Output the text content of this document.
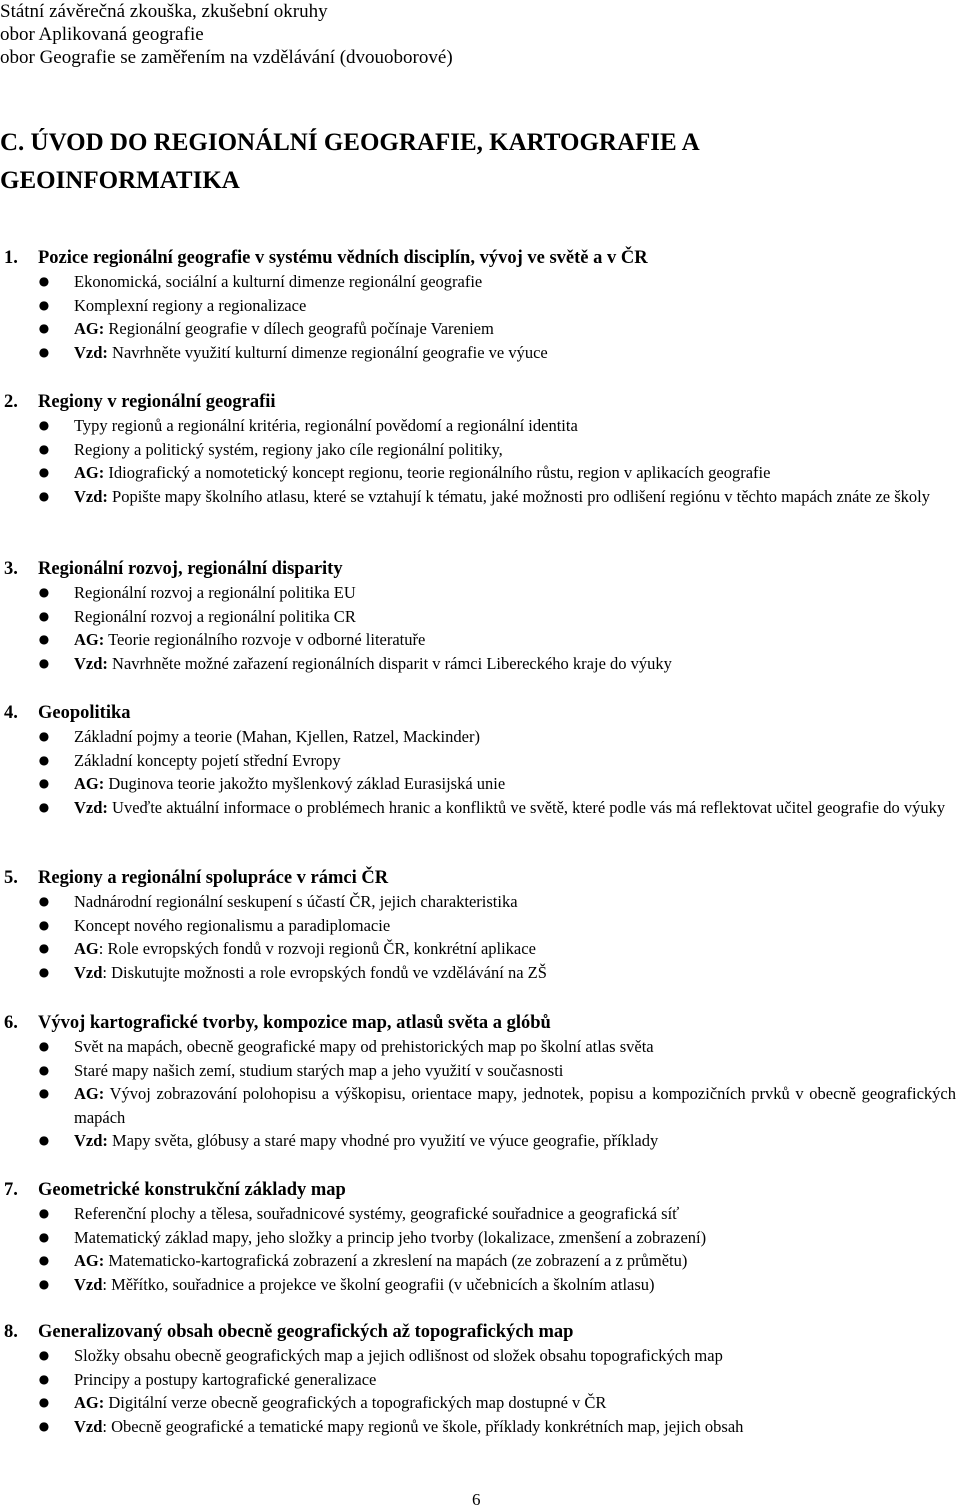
Státní závěrečná zkouška, zkušební okruhy
obor Aplikovaná geografie
obor Geografie se zaměřením na vzdělávání (dvouoborové)
C. ÚVOD DO REGIONÁLNÍ GEOGRAFIE, KARTOGRAFIE A GEOINFORMATIKA
1.	Pozice regionální geografie v systému vědních disciplín, vývoj ve světě a v ČR
● Ekonomická, sociální a kulturní dimenze regionální geografie
● Komplexní regiony a regionalizace
● AG: Regionální geografie v dílech geografů počínaje Vareniem
● Vzd: Navrhněte využití kulturní dimenze regionální geografie ve výuce
2.	Regiony v regionální geografii
● Typy regionů a regionální kritéria, regionální povědomí a regionální identita
● Regiony a politický systém, regiony jako cíle regionální politiky,
● AG: Idiografický a nomotetický koncept regionu, teorie regionálního růstu, region v aplikacích geografie
● Vzd: Popište mapy školního atlasu, které se vztahují k tématu, jaké možnosti pro odlišení regiónu v těchto mapách znáte ze školy
3.	Regionální rozvoj, regionální disparity
● Regionální rozvoj a regionální politika EU
● Regionální rozvoj a regionální politika CR
● AG: Teorie regionálního rozvoje v odborné literatuře
● Vzd: Navrhněte možné zařazení regionálních disparit v rámci Libereckého kraje do výuky
4.	Geopolitika
● Základní pojmy a teorie (Mahan, Kjellen, Ratzel, Mackinder)
● Základní koncepty pojetí střední Evropy
● AG: Duginova teorie jakožto myšlenkový základ Eurasijská unie
● Vzd: Uveďte aktuální informace o problémech hranic a konfliktů ve světě, které podle vás má reflektovat učitel geografie do výuky
5.	Regiony a regionální spolupráce v rámci ČR
● Nadnárodní regionální seskupení s účastí ČR, jejich charakteristika
● Koncept nového regionalismu a paradiplomacie
● AG: Role evropských fondů v rozvoji regionů ČR, konkrétní aplikace
● Vzd: Diskutujte možnosti a role evropských fondů ve vzdělávání na ZŠ
6.	Vývoj kartografické tvorby, kompozice map, atlasů světa a glóbů
● Svět na mapách, obecně geografické mapy od prehistorických map po školní atlas světa
● Staré mapy našich zemí, studium starých map a jeho využití v současnosti
● AG: Vývoj zobrazování polohopisu a výškopisu, orientace mapy, jednotek, popisu a kompozičních prvků v obecně geografických mapách
● Vzd: Mapy světa, glóbusy a staré mapy vhodné pro využití ve výuce geografie, příklady
7.	Geometrické konstrukční základy map
● Referenční plochy a tělesa, souřadnicové systémy, geografické souřadnice a geografická síť
● Matematický základ mapy, jeho složky a princip jeho tvorby (lokalizace, zmenšení a zobrazení)
● AG: Matematicko-kartografická zobrazení a zkreslení na mapách (ze zobrazení a z průmětu)
● Vzd: Měřítko, souřadnice a projekce ve školní geografii (v učebnicích a školním atlasu)
8.	Generalizovaný obsah obecně geografických až topografických map
● Složky obsahu obecně geografických map a jejich odlišnost od složek obsahu topografických map
● Principy a postupy kartografické generalizace
● AG: Digitální verze obecně geografických a topografických map dostupné v ČR
● Vzd: Obecně geografické a tematické mapy regionů ve škole, příklady konkrétních map, jejich obsah
6
